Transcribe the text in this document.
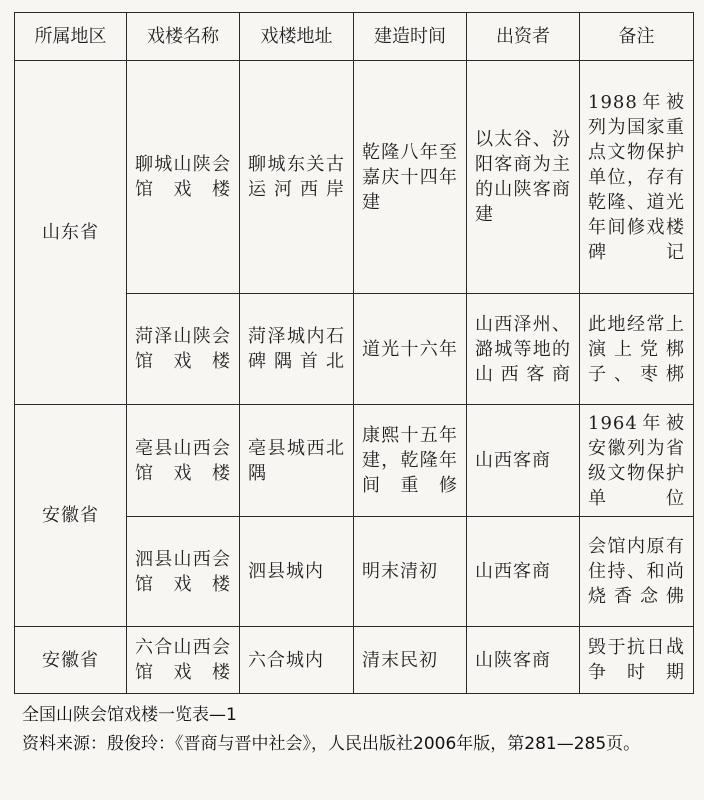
所属地区	戏楼名称	戏楼地址	建造时间	出资者	备注

山东省	聊城山陕会馆戏楼	聊城东关古运河西岸	乾隆八年至嘉庆十四年建	以太谷、汾阳客商为主的山陕客商建	1988年被列为国家重点文物保护单位，存有乾隆、道光年间修戏楼碑记

	菏泽山陕会馆戏楼	菏泽城内石碑隅首北	道光十六年	山西泽州、潞城等地的山西客商	此地经常上演上党梆子、枣梆

安徽省	亳县山西会馆戏楼	亳县城西北隅	康熙十五年建，乾隆年间重修	山西客商	1964年被安徽列为省级文物保护单位

	泗县山西会馆戏楼	泗县城内	明末清初	山西客商	会馆内原有住持、和尚烧香念佛

安徽省	六合山西会馆戏楼	六合城内	清末民初	山陕客商	毁于抗日战争时期
全国山陕会馆戏楼一览表—1
资料来源：殷俊玲：《晋商与晋中社会》，人民出版社2006年版，第281—285页。
